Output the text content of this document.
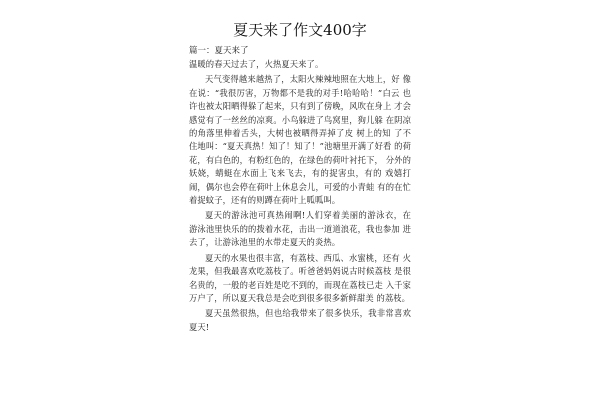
夏天来了作文400字
篇一：夏天来了

温暖的春天过去了，火热夏天来了。

天气变得越来越热了，太阳火辣辣地照在大地上，好 像在说：“我很厉害，万物都不是我的对手!哈哈哈！”白云 也许也被太阳晒得躲了起来，只有到了傍晚，风吹在身上 才会感觉有了一丝丝的凉爽。小鸟躲进了鸟窝里，狗儿躲 在阴凉的角落里伸着舌头，大树也被晒得弄掉了皮 树上的知 了不住地叫：“夏天真热！知了！知了！”池塘里开满了好看 的荷花，有白色的，有粉红色的，在绿色的荷叶衬托下， 分外的妖娆，蜻蜓在水面上飞来飞去，有的捉害虫，有的 戏嬉打闹，偶尔也会停在荷叶上休息会儿，可爱的小青蛙 有的在忙着捉蚊子，还有的则蹲在荷叶上呱呱叫。

夏天的游泳池可真热闹啊!人们穿着美丽的游泳衣，在 游泳池里快乐的的拨着水花，击出一道道浪花，我也参加 进去了，让游泳池里的水带走夏天的炎热。

夏天的水果也很丰富，有荔枝、西瓜、水蜜桃，还有 火龙果，但我最喜欢吃荔枝了。听爸爸妈妈说古时候荔枝 是很名贵的，一般的老百姓是吃不到的，而现在荔枝已走 入千家万户了，所以夏天我总是会吃到很多很多新鲜甜美 的荔枝。

夏天虽然很热，但也给我带来了很多快乐，我非常喜欢夏天!
